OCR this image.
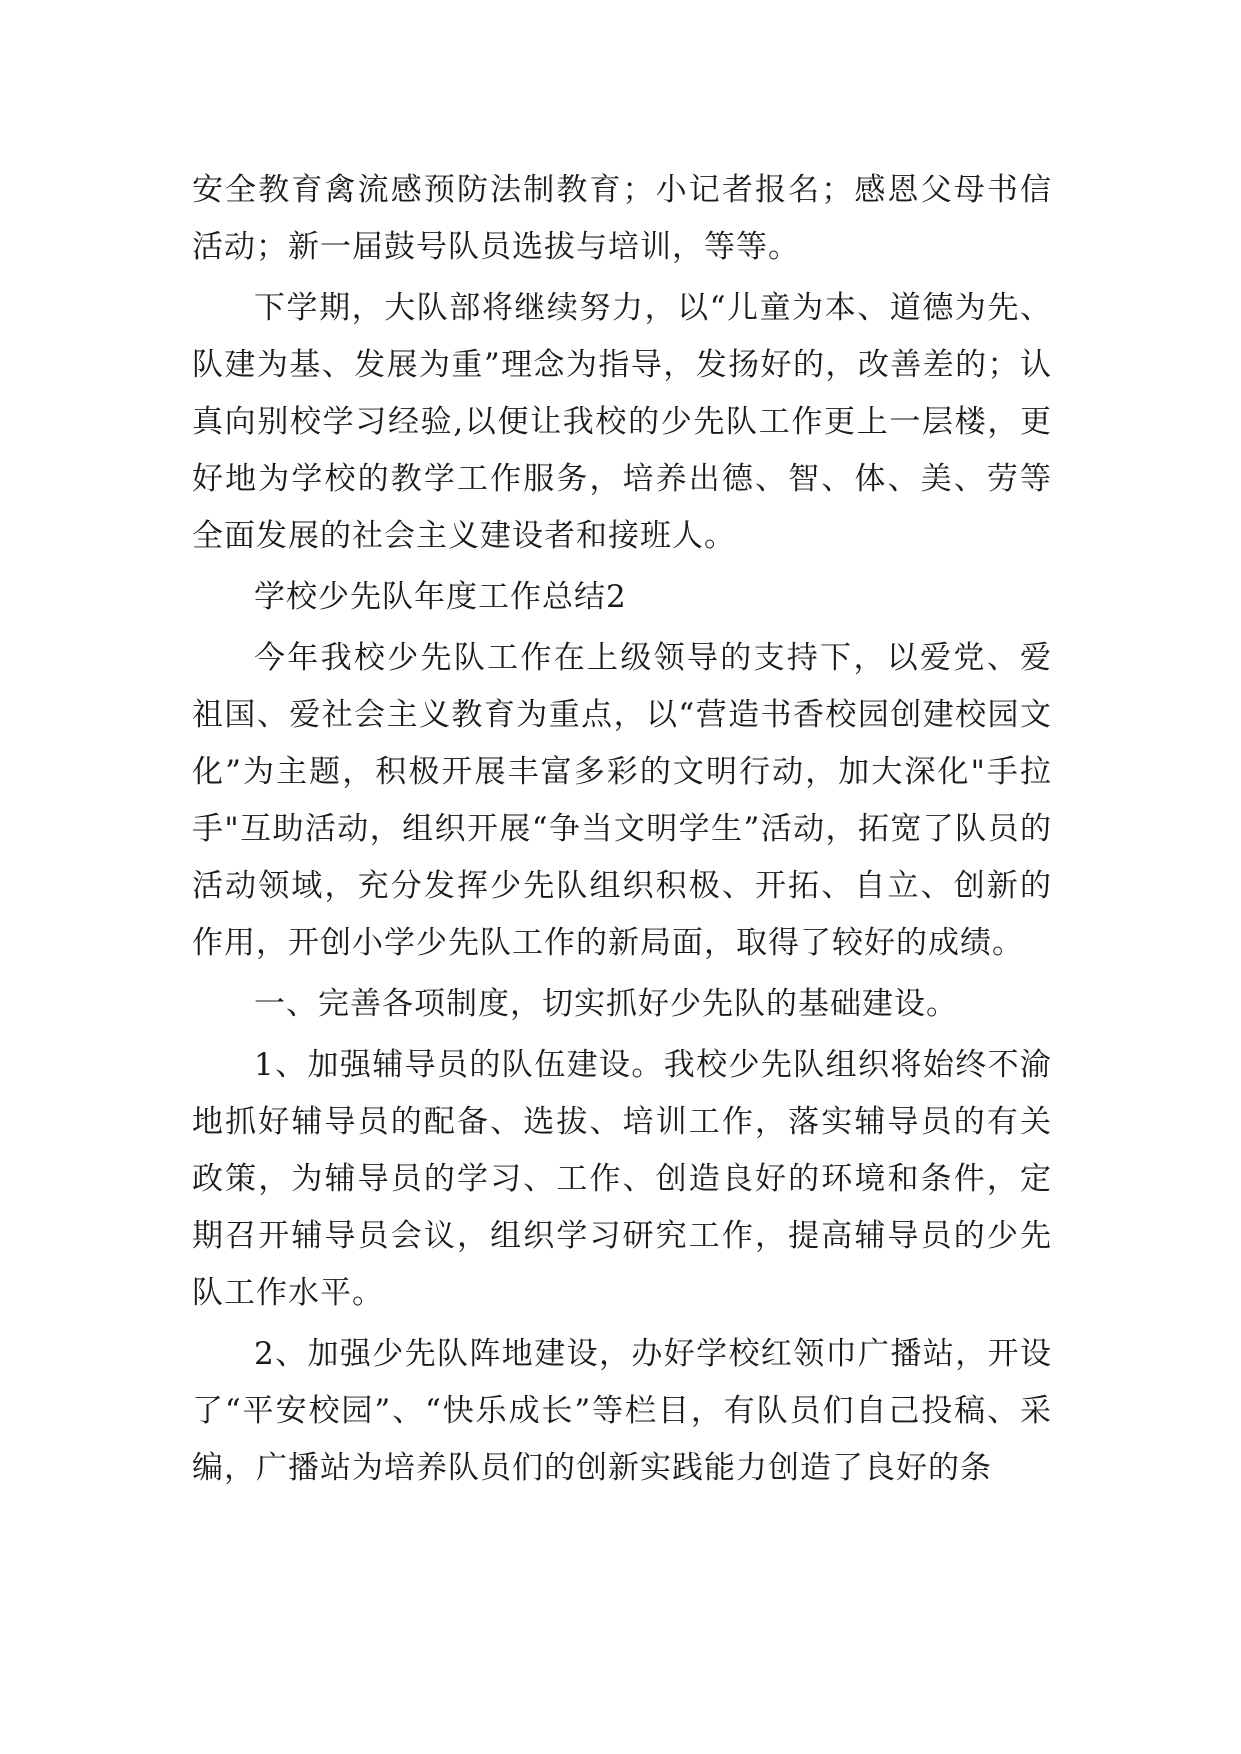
安全教育禽流感预防法制教育；小记者报名；感恩父母书信活动；新一届鼓号队员选拔与培训，等等。

下学期，大队部将继续努力，以“儿童为本、道德为先、队建为基、发展为重”理念为指导，发扬好的，改善差的；认真向别校学习经验,以便让我校的少先队工作更上一层楼，更好地为学校的教学工作服务，培养出德、智、体、美、劳等全面发展的社会主义建设者和接班人。

学校少先队年度工作总结2

今年我校少先队工作在上级领导的支持下，以爱党、爱祖国、爱社会主义教育为重点，以“营造书香校园创建校园文化”为主题，积极开展丰富多彩的文明行动，加大深化"手拉手"互助活动，组织开展“争当文明学生”活动，拓宽了队员的活动领域，充分发挥少先队组织积极、开拓、自立、创新的作用，开创小学少先队工作的新局面，取得了较好的成绩。

一、完善各项制度，切实抓好少先队的基础建设。

1、加强辅导员的队伍建设。我校少先队组织将始终不渝地抓好辅导员的配备、选拔、培训工作，落实辅导员的有关政策，为辅导员的学习、工作、创造良好的环境和条件，定期召开辅导员会议，组织学习研究工作，提高辅导员的少先队工作水平。

2、加强少先队阵地建设，办好学校红领巾广播站，开设了“平安校园”、“快乐成长”等栏目，有队员们自己投稿、采编，广播站为培养队员们的创新实践能力创造了良好的条
